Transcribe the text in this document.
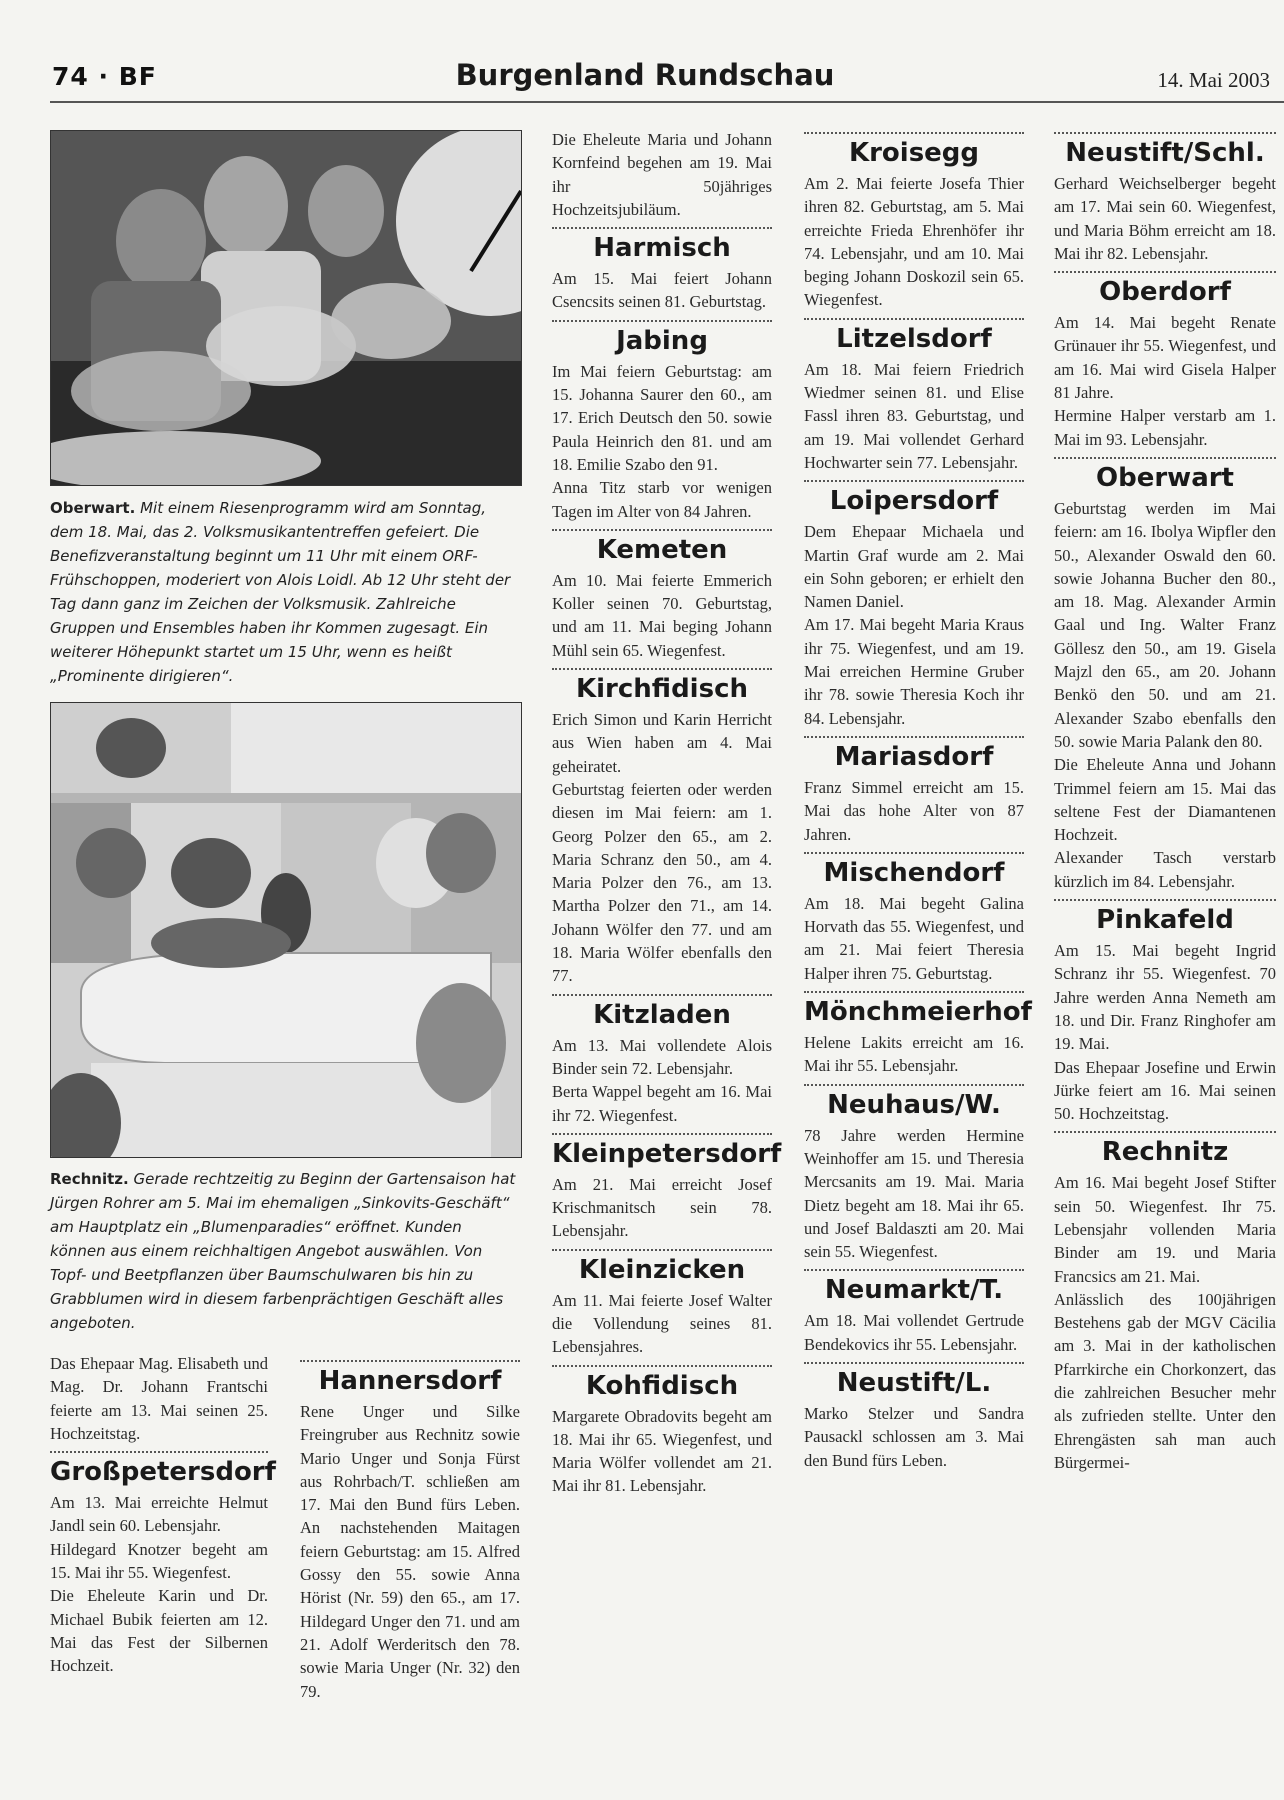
74 · BF	Burgenland Rundschau	14. Mai 2003
Oberwart. Mit einem Riesenprogramm wird am Sonntag, dem 18. Mai, das 2. Volksmusikantentreffen gefeiert. Die Benefizveranstaltung beginnt um 11 Uhr mit einem ORF-Frühschoppen, moderiert von Alois Loidl. Ab 12 Uhr steht der Tag dann ganz im Zeichen der Volksmusik. Zahlreiche Gruppen und Ensembles haben ihr Kommen zugesagt. Ein weiterer Höhepunkt startet um 15 Uhr, wenn es heißt „Prominente dirigieren“.
Rechnitz. Gerade rechtzeitig zu Beginn der Gartensaison hat Jürgen Rohrer am 5. Mai im ehemaligen „Sinkovits-Geschäft“ am Hauptplatz ein „Blumenparadies“ eröffnet. Kunden können aus einem reichhaltigen Angebot auswählen. Von Topf- und Beetpflanzen über Baumschulwaren bis hin zu Grabblumen wird in diesem farbenprächtigen Geschäft alles angeboten.

Das Ehepaar Mag. Elisabeth und Mag. Dr. Johann Frantschi feierte am 13. Mai seinen 25. Hochzeitstag.

Großpetersdorf

Am 13. Mai erreichte Helmut Jandl sein 60. Lebensjahr.

Hildegard Knotzer begeht am 15. Mai ihr 55. Wiegenfest.

Die Eheleute Karin und Dr. Michael Bubik feierten am 12. Mai das Fest der Silbernen Hochzeit.

Hannersdorf

Rene Unger und Silke Freingruber aus Rechnitz sowie Mario Unger und Sonja Fürst aus Rohrbach/T. schließen am 17. Mai den Bund fürs Leben. An nachstehenden Maitagen feiern Geburtstag: am 15. Alfred Gossy den 55. sowie Anna Hörist (Nr. 59) den 65., am 17. Hildegard Unger den 71. und am 21. Adolf Werderitsch den 78. sowie Maria Unger (Nr. 32) den 79.

Die Eheleute Maria und Johann Kornfeind begehen am 19. Mai ihr 50jähriges Hochzeitsjubiläum.

Harmisch

Am 15. Mai feiert Johann Csencsits seinen 81. Geburtstag.

Jabing

Im Mai feiern Geburtstag: am 15. Johanna Saurer den 60., am 17. Erich Deutsch den 50. sowie Paula Heinrich den 81. und am 18. Emilie Szabo den 91.

Anna Titz starb vor wenigen Tagen im Alter von 84 Jahren.

Kemeten

Am 10. Mai feierte Emmerich Koller seinen 70. Geburtstag, und am 11. Mai beging Johann Mühl sein 65. Wiegenfest.

Kirchfidisch

Erich Simon und Karin Herricht aus Wien haben am 4. Mai geheiratet.

Geburtstag feierten oder werden diesen im Mai feiern: am 1. Georg Polzer den 65., am 2. Maria Schranz den 50., am 4. Maria Polzer den 76., am 13. Martha Polzer den 71., am 14. Johann Wölfer den 77. und am 18. Maria Wölfer ebenfalls den 77.

Kitzladen

Am 13. Mai vollendete Alois Binder sein 72. Lebensjahr.

Berta Wappel begeht am 16. Mai ihr 72. Wiegenfest.

Kleinpetersdorf

Am 21. Mai erreicht Josef Krischmanitsch sein 78. Lebensjahr.

Kleinzicken

Am 11. Mai feierte Josef Walter die Vollendung seines 81. Lebensjahres.

Kohfidisch

Margarete Obradovits begeht am 18. Mai ihr 65. Wiegenfest, und Maria Wölfer vollendet am 21. Mai ihr 81. Lebensjahr.

Kroisegg

Am 2. Mai feierte Josefa Thier ihren 82. Geburtstag, am 5. Mai erreichte Frieda Ehrenhöfer ihr 74. Lebensjahr, und am 10. Mai beging Johann Doskozil sein 65. Wiegenfest.

Litzelsdorf

Am 18. Mai feiern Friedrich Wiedmer seinen 81. und Elise Fassl ihren 83. Geburtstag, und am 19. Mai vollendet Gerhard Hochwarter sein 77. Lebensjahr.

Loipersdorf

Dem Ehepaar Michaela und Martin Graf wurde am 2. Mai ein Sohn geboren; er erhielt den Namen Daniel.

Am 17. Mai begeht Maria Kraus ihr 75. Wiegenfest, und am 19. Mai erreichen Hermine Gruber ihr 78. sowie Theresia Koch ihr 84. Lebensjahr.

Mariasdorf

Franz Simmel erreicht am 15. Mai das hohe Alter von 87 Jahren.

Mischendorf

Am 18. Mai begeht Galina Horvath das 55. Wiegenfest, und am 21. Mai feiert Theresia Halper ihren 75. Geburtstag.

Mönchmeierhof

Helene Lakits erreicht am 16. Mai ihr 55. Lebensjahr.

Neuhaus/W.

78 Jahre werden Hermine Weinhoffer am 15. und Theresia Mercsanits am 19. Mai. Maria Dietz begeht am 18. Mai ihr 65. und Josef Baldaszti am 20. Mai sein 55. Wiegenfest.

Neumarkt/T.

Am 18. Mai vollendet Gertrude Bendekovics ihr 55. Lebensjahr.

Neustift/L.

Marko Stelzer und Sandra Pausackl schlossen am 3. Mai den Bund fürs Leben.

Neustift/Schl.

Gerhard Weichselberger begeht am 17. Mai sein 60. Wiegenfest, und Maria Böhm erreicht am 18. Mai ihr 82. Lebensjahr.

Oberdorf

Am 14. Mai begeht Renate Grünauer ihr 55. Wiegenfest, und am 16. Mai wird Gisela Halper 81 Jahre.

Hermine Halper verstarb am 1. Mai im 93. Lebensjahr.

Oberwart

Geburtstag werden im Mai feiern: am 16. Ibolya Wipfler den 50., Alexander Oswald den 60. sowie Johanna Bucher den 80., am 18. Mag. Alexander Armin Gaal und Ing. Walter Franz Göllesz den 50., am 19. Gisela Majzl den 65., am 20. Johann Benkö den 50. und am 21. Alexander Szabo ebenfalls den 50. sowie Maria Palank den 80.

Die Eheleute Anna und Johann Trimmel feiern am 15. Mai das seltene Fest der Diamantenen Hochzeit.

Alexander Tasch verstarb kürzlich im 84. Lebensjahr.

Pinkafeld

Am 15. Mai begeht Ingrid Schranz ihr 55. Wiegenfest. 70 Jahre werden Anna Nemeth am 18. und Dir. Franz Ringhofer am 19. Mai.

Das Ehepaar Josefine und Erwin Jürke feiert am 16. Mai seinen 50. Hochzeitstag.

Rechnitz

Am 16. Mai begeht Josef Stifter sein 50. Wiegenfest. Ihr 75. Lebensjahr vollenden Maria Binder am 19. und Maria Francsics am 21. Mai.

Anlässlich des 100jährigen Bestehens gab der MGV Cäcilia am 3. Mai in der katholischen Pfarrkirche ein Chorkonzert, das die zahlreichen Besucher mehr als zufrieden stellte. Unter den Ehrengästen sah man auch Bürgermei-
